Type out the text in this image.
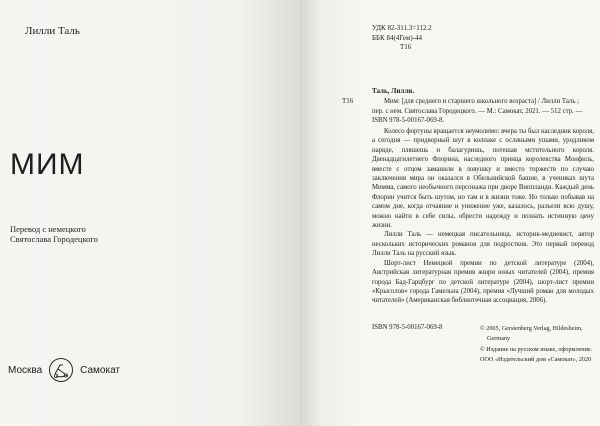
Лилли Таль
МИМ
Перевод с немецкого
Святослава Городецкого
Москва	Самокат
УДК 82-311.3=112.2
ББК 84(4Гем)-44
Т16
Таль, Лилли.
Т16	Мим: [для среднего и старшего школьного возраста] / Лилли Таль ;
пер. с нем. Святослава Городецкого. — М.: Самокат, 2021. — 512 стр. —
ISBN 978-5-00167-069-8.

Колесо фортуны вращается неумолимо: вчера ты был наследник короля, а сегодня — придворный шут в колпаке с ослиными ушами, уродливом наряде, пляшешь и балагуришь, потешая мстительного короля. Двенадцатилетнего Флорина, наследного принца королевства Монфиль, вместе с отцом заманили в ловушку и вместо торжеств по случаю заключения мира он оказался в Обельнийской башне, в учениках шута Мимма, самого необычного персонажа при дворе Виппланди. Каждый день Флорин учится быть шутом, но там и в жизни тоже. Но только побывав на самом дне, когда отчаяние и унижение уже, казалось, разъели всю душу, можно найти в себе силы, обрести надежду и познать истинную цену жизни.

Лилли Таль — немецкая писательница, историк-медиевист, автор нескольких исторических романов для подростков. Это первый перевод Лилли Таль на русский язык.

Шорт-лист Немецкой премии по детской литературе (2004), Австрийская литературная премия жюри юных читателей (2004), премия города Бад-Гарцбург по детской литературе (2004), шорт-лист премии «Крысолов» города Гамельна (2004), премия «Лучший роман для молодых читателей» (Американская библиотечная ассоциация, 2006).

ISBN 978-5-00167-069-8	© 2005, Gerstenberg Verlag, Hildesheim,
Germany
© Издание на русском языке, оформление.
ООО «Издательский дом «Самокат», 2020
